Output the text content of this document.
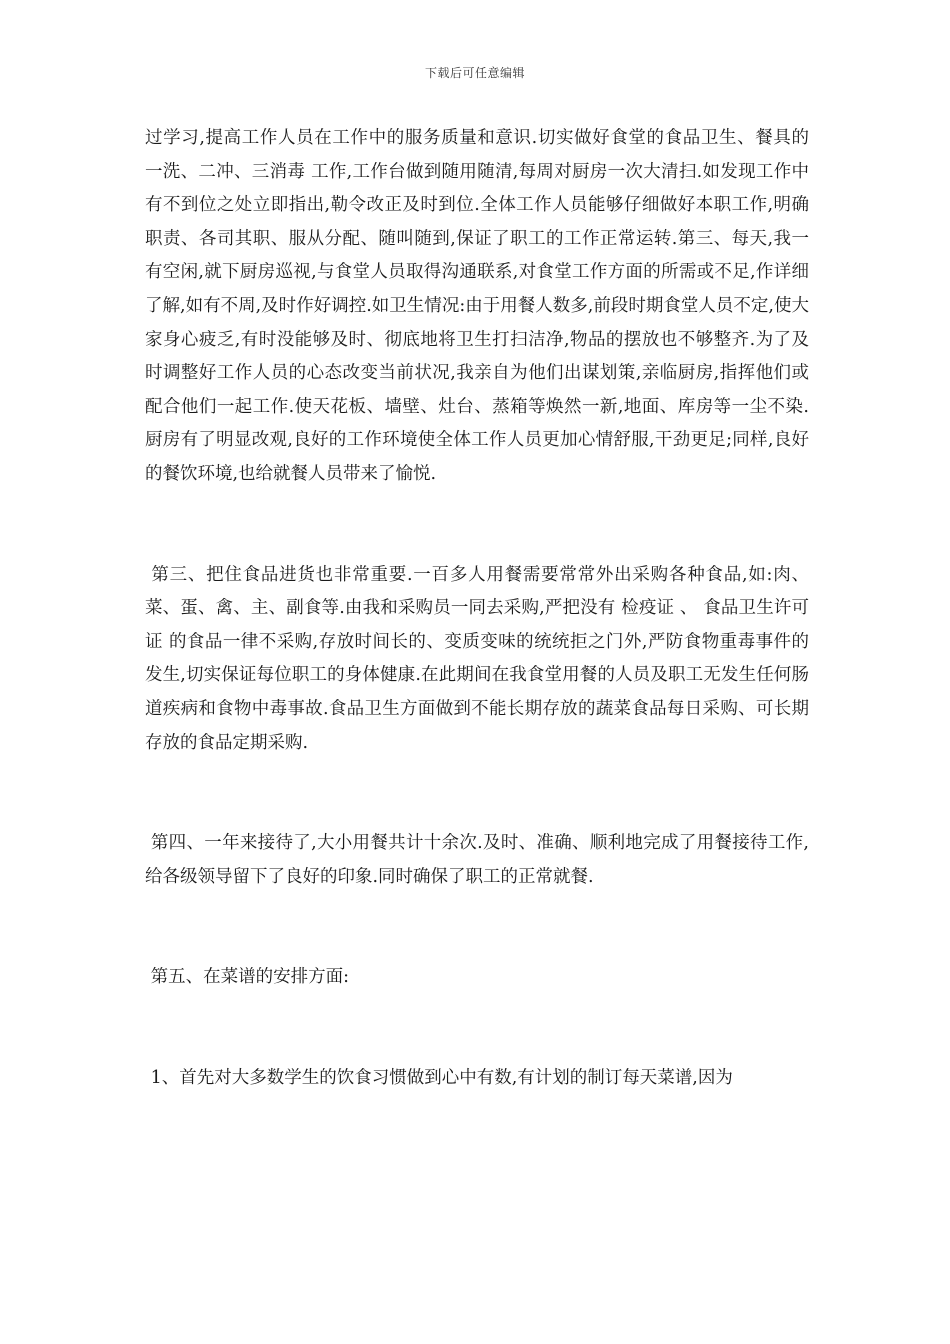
下载后可任意编辑

过学习,提高工作人员在工作中的服务质量和意识.切实做好食堂的食品卫生、餐具的 一洗、二冲、三消毒 工作,工作台做到随用随清,每周对厨房一次大清扫.如发现工作中有不到位之处立即指出,勒令改正及时到位.全体工作人员能够仔细做好本职工作,明确职责、各司其职、服从分配、随叫随到,保证了职工的工作正常运转.第三、每天,我一有空闲,就下厨房巡视,与食堂人员取得沟通联系,对食堂工作方面的所需或不足,作详细了解,如有不周,及时作好调控.如卫生情况:由于用餐人数多,前段时期食堂人员不定,使大家身心疲乏,有时没能够及时、彻底地将卫生打扫洁净,物品的摆放也不够整齐.为了及时调整好工作人员的心态改变当前状况,我亲自为他们出谋划策,亲临厨房,指挥他们或配合他们一起工作.使天花板、墙壁、灶台、蒸箱等焕然一新,地面、库房等一尘不染.厨房有了明显改观,良好的工作环境使全体工作人员更加心情舒服,干劲更足;同样,良好的餐饮环境,也给就餐人员带来了愉悦.

第三、把住食品进货也非常重要.一百多人用餐需要常常外出采购各种食品,如:肉、菜、蛋、禽、主、副食等.由我和采购员一同去采购,严把没有 检疫证 、 食品卫生许可证 的食品一律不采购,存放时间长的、变质变味的统统拒之门外,严防食物重毒事件的发生,切实保证每位职工的身体健康.在此期间在我食堂用餐的人员及职工无发生任何肠道疾病和食物中毒事故.食品卫生方面做到不能长期存放的蔬菜食品每日采购、可长期存放的食品定期采购.

第四、一年来接待了,大小用餐共计十余次.及时、准确、顺利地完成了用餐接待工作,给各级领导留下了良好的印象.同时确保了职工的正常就餐.

第五、在菜谱的安排方面:

1、首先对大多数学生的饮食习惯做到心中有数,有计划的制订每天菜谱,因为
